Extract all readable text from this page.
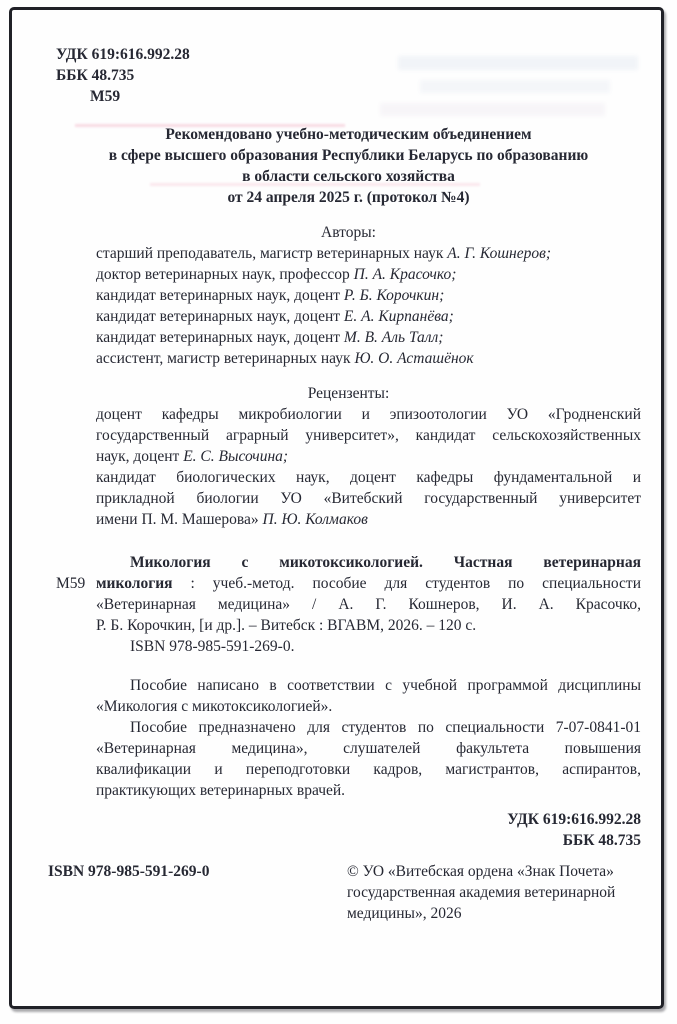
УДК 619:616.992.28
ББК 48.735
М59
Рекомендовано учебно-методическим объединением
в сфере высшего образования Республики Беларусь по образованию
в области сельского хозяйства
от 24 апреля 2025 г. (протокол №4)
Авторы:
старший преподаватель, магистр ветеринарных наук А. Г. Кошнеров;
доктор ветеринарных наук, профессор П. А. Красочко;
кандидат ветеринарных наук, доцент Р. Б. Корочкин;
кандидат ветеринарных наук, доцент Е. А. Кирпанёва;
кандидат ветеринарных наук, доцент М. В. Аль Талл;
ассистент, магистр ветеринарных наук Ю. О. Асташёнок
Рецензенты:
доцент кафедры микробиологии и эпизоотологии УО «Гродненский
государственный аграрный университет», кандидат сельскохозяйственных
наук, доцент Е. С. Высочина;
кандидат биологических наук, доцент кафедры фундаментальной и
прикладной биологии УО «Витебский государственный университет
имени П. М. Машерова» П. Ю. Колмаков
М59
Микология с микотоксикологией. Частная ветеринарная
микология : учеб.-метод. пособие для студентов по специальности
«Ветеринарная медицина» / А. Г. Кошнеров, И. А. Красочко,
Р. Б. Корочкин, [и др.]. – Витебск : ВГАВМ, 2026. – 120 с.
ISBN 978-985-591-269-0.
Пособие написано в соответствии с учебной программой дисциплины
«Микология с микотоксикологией».
Пособие предназначено для студентов по специальности 7-07-0841-01
«Ветеринарная медицина», слушателей факультета повышения
квалификации и переподготовки кадров, магистрантов, аспирантов,
практикующих ветеринарных врачей.
УДК 619:616.992.28
ББК 48.735
ISBN 978-985-591-269-0	© УО «Витебская ордена «Знак Почета»
государственная академия ветеринарной
медицины», 2026
